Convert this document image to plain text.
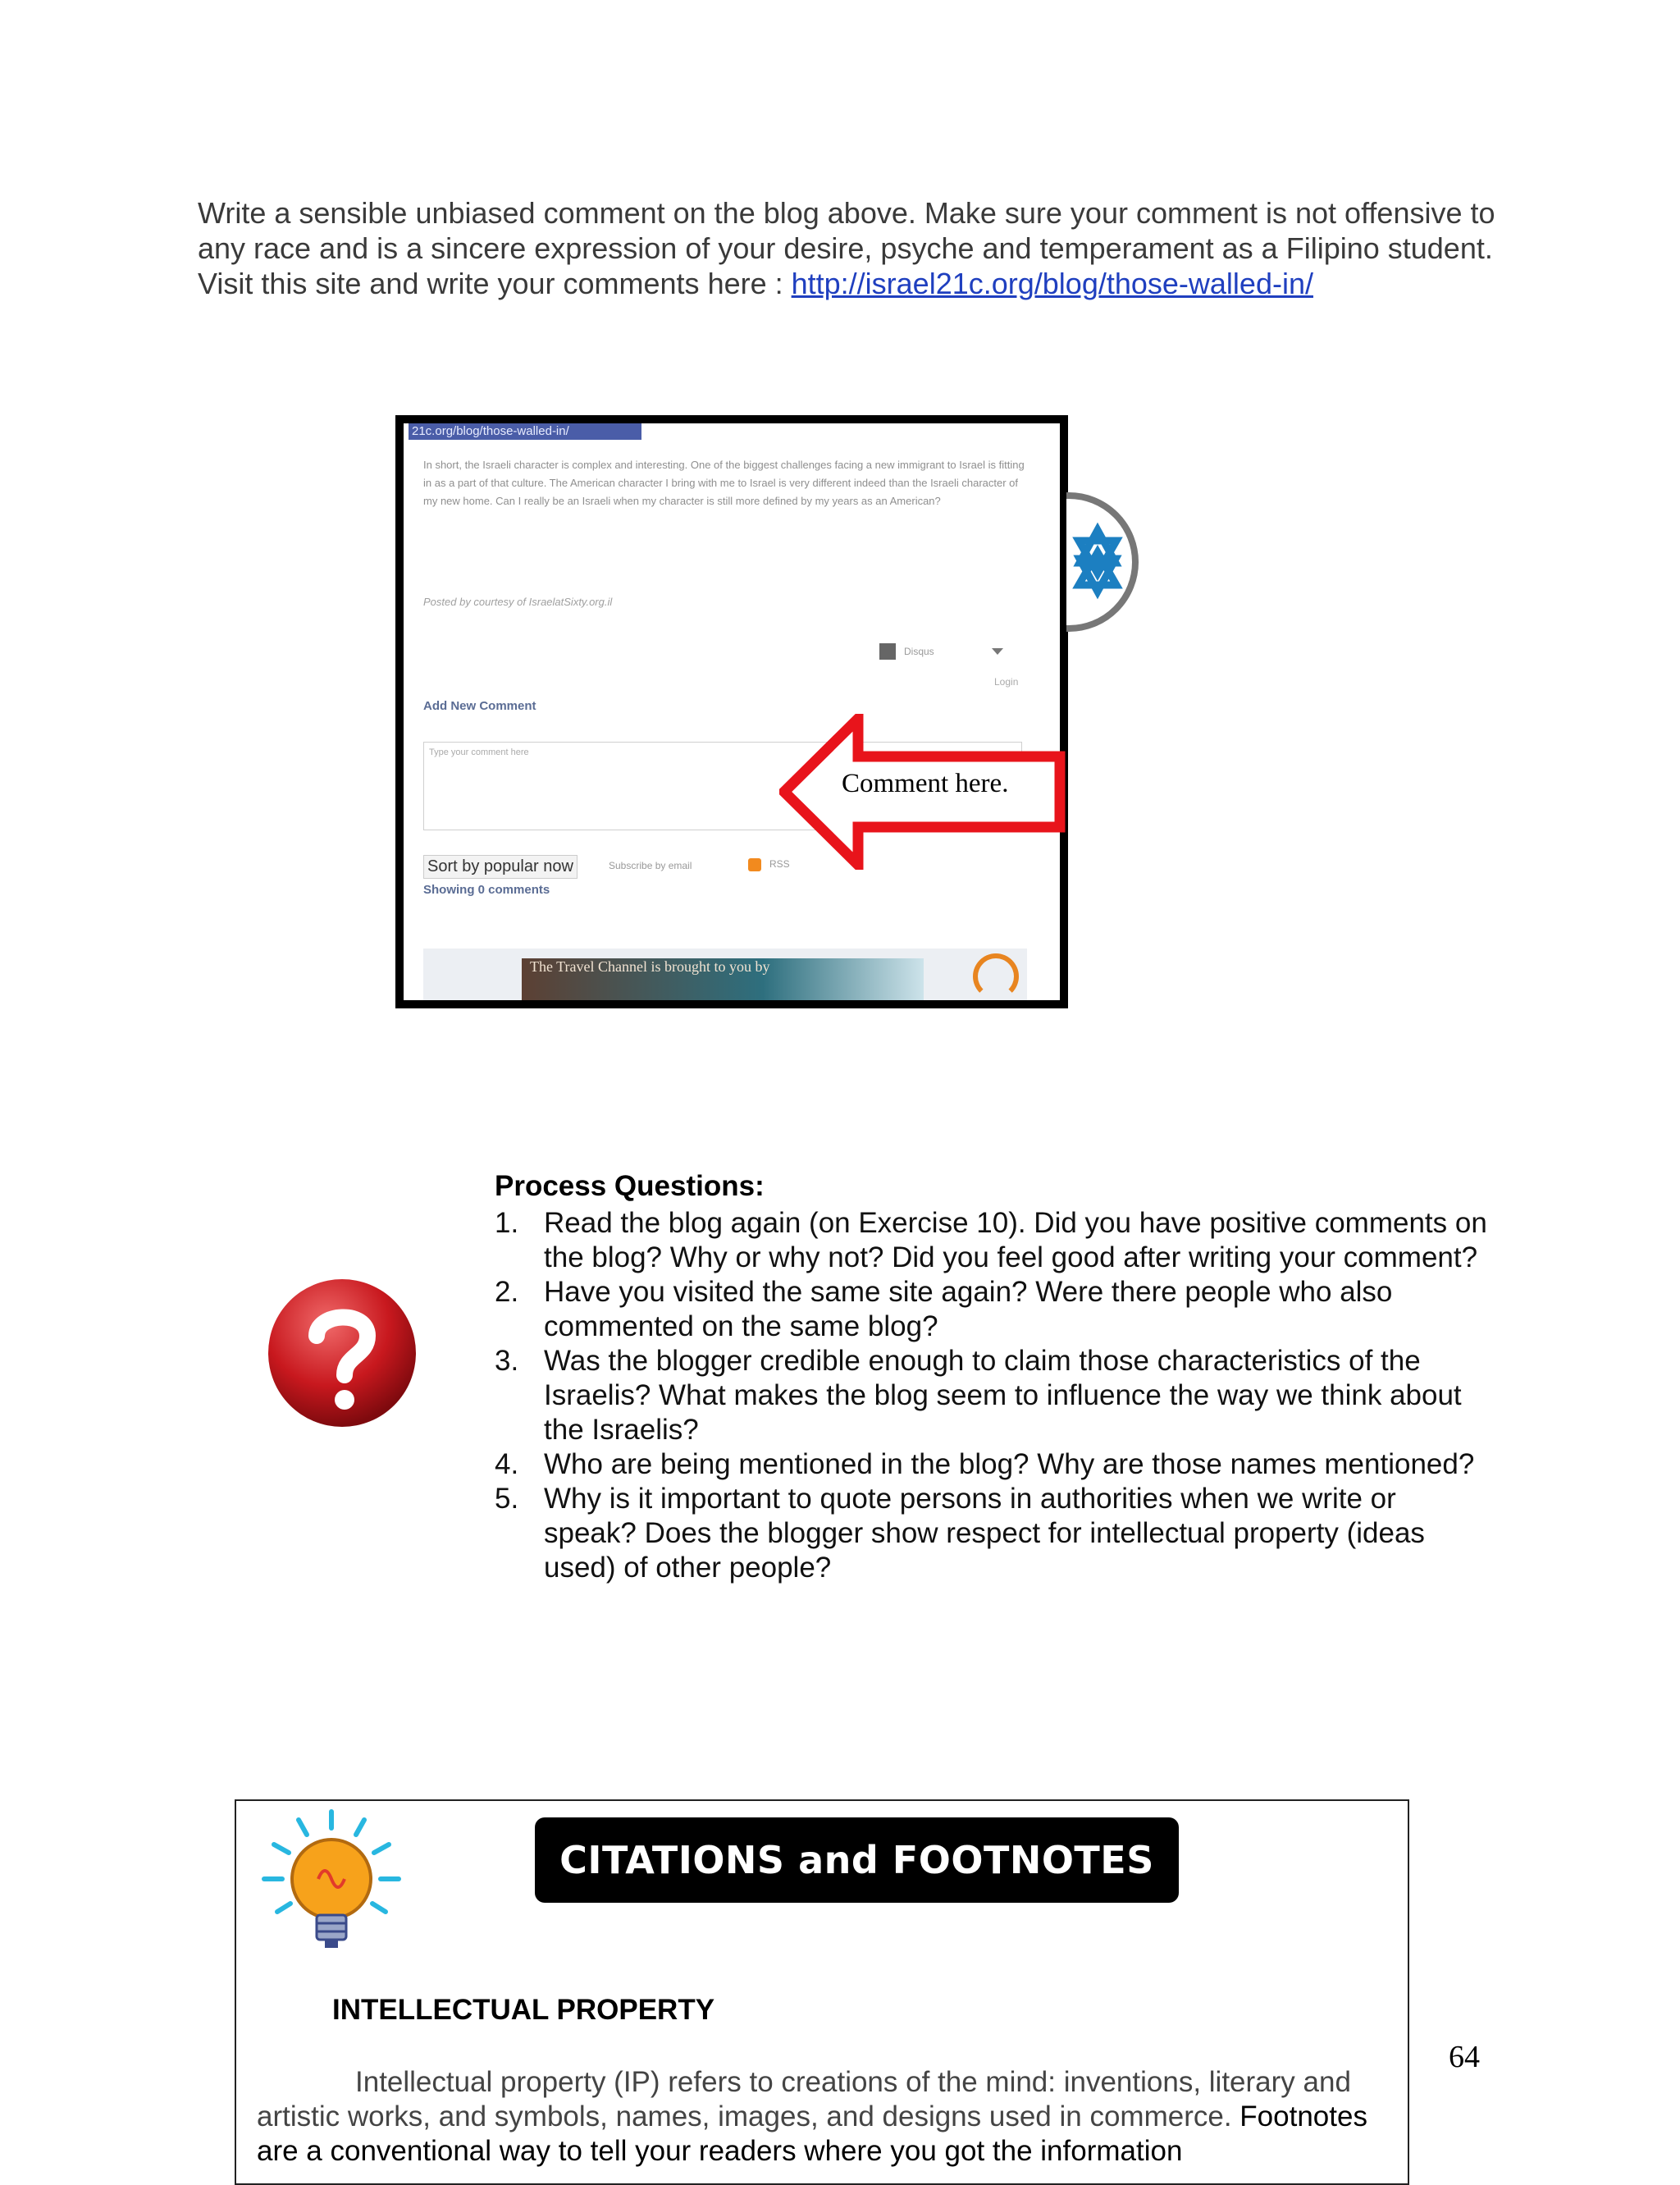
Write a sensible unbiased comment on the blog above. Make sure your comment is not offensive to any race and is a sincere expression of your desire, psyche and temperament as a Filipino student. Visit this site and write your comments here : http://israel21c.org/blog/those-walled-in/

21c.org/blog/those-walled-in/
In short, the Israeli character is complex and interesting. One of the biggest challenges facing a new immigrant to Israel is fitting in as a part of that culture. The American character I bring with me to Israel is very different indeed than the Israeli character of my new home. Can I really be an Israeli when my character is still more defined by my years as an American?
Posted by courtesy of IsraelatSixty.org.il
Disqus
Login
Add New Comment
Type your comment here
Sort by popular now	Subscribe by email	RSS
Showing 0 comments
The Travel Channel is brought to you by
Comment here.
Process Questions:
1. Read the blog again (on Exercise 10). Did you have positive comments on the blog? Why or why not? Did you feel good after writing your comment?
2. Have you visited the same site again? Were there people who also commented on the same blog?
3. Was the blogger credible enough to claim those characteristics of the Israelis? What makes the blog seem to influence the way we think about the Israelis?
4. Who are being mentioned in the blog? Why are those names mentioned?
5. Why is it important to quote persons in authorities when we write or speak? Does the blogger show respect for intellectual property (ideas used) of other people?
CITATIONS and FOOTNOTES
INTELLECTUAL PROPERTY

Intellectual property (IP) refers to creations of the mind: inventions, literary and artistic works, and symbols, names, images, and designs used in commerce. Footnotes are a conventional way to tell your readers where you got the information

64
